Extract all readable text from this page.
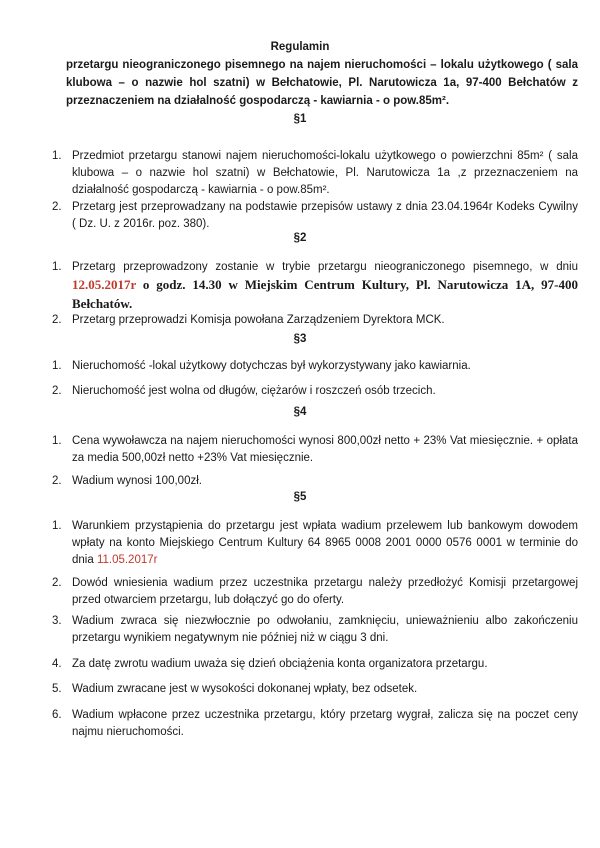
Regulamin
przetargu nieograniczonego pisemnego na najem nieruchomości – lokalu użytkowego ( sala klubowa – o nazwie hol szatni) w Bełchatowie, Pl. Narutowicza 1a, 97-400 Bełchatów z przeznaczeniem na działalność gospodarczą - kawiarnia - o pow.85m².
§1
1. Przedmiot przetargu stanowi najem nieruchomości-lokalu użytkowego o powierzchni 85m² ( sala klubowa – o nazwie hol szatni) w Bełchatowie, Pl. Narutowicza 1a ,z przeznaczeniem na działalność gospodarczą - kawiarnia - o pow.85m².
2. Przetarg jest przeprowadzany na podstawie przepisów ustawy z dnia 23.04.1964r Kodeks Cywilny ( Dz. U. z 2016r. poz. 380).
§2
1. Przetarg przeprowadzony zostanie w trybie przetargu nieograniczonego pisemnego, w dniu 12.05.2017r o godz. 14.30 w Miejskim Centrum Kultury, Pl. Narutowicza 1A, 97-400 Bełchatów.
2. Przetarg przeprowadzi Komisja powołana Zarządzeniem Dyrektora MCK.
§3
1. Nieruchomość -lokal użytkowy dotychczas był wykorzystywany jako kawiarnia.
2. Nieruchomość jest wolna od długów, ciężarów i roszczeń osób trzecich.
§4
1. Cena wywoławcza na najem nieruchomości wynosi 800,00zł netto + 23% Vat miesięcznie. + opłata za media 500,00zł netto +23% Vat miesięcznie.
2. Wadium wynosi 100,00zł.
§5
1. Warunkiem przystąpienia do przetargu jest wpłata wadium przelewem lub bankowym dowodem wpłaty na konto Miejskiego Centrum Kultury 64 8965 0008 2001 0000 0576 0001 w terminie do dnia 11.05.2017r
2. Dowód wniesienia wadium przez uczestnika przetargu należy przedłożyć Komisji przetargowej przed otwarciem przetargu, lub dołączyć go do oferty.
3. Wadium zwraca się niezwłocznie po odwołaniu, zamknięciu, unieważnieniu albo zakończeniu przetargu wynikiem negatywnym nie później niż w ciągu 3 dni.
4. Za datę zwrotu wadium uważa się dzień obciążenia konta organizatora przetargu.
5. Wadium zwracane jest w wysokości dokonanej wpłaty, bez odsetek.
6. Wadium wpłacone przez uczestnika przetargu, który przetarg wygrał, zalicza się na poczet ceny najmu nieruchomości.
